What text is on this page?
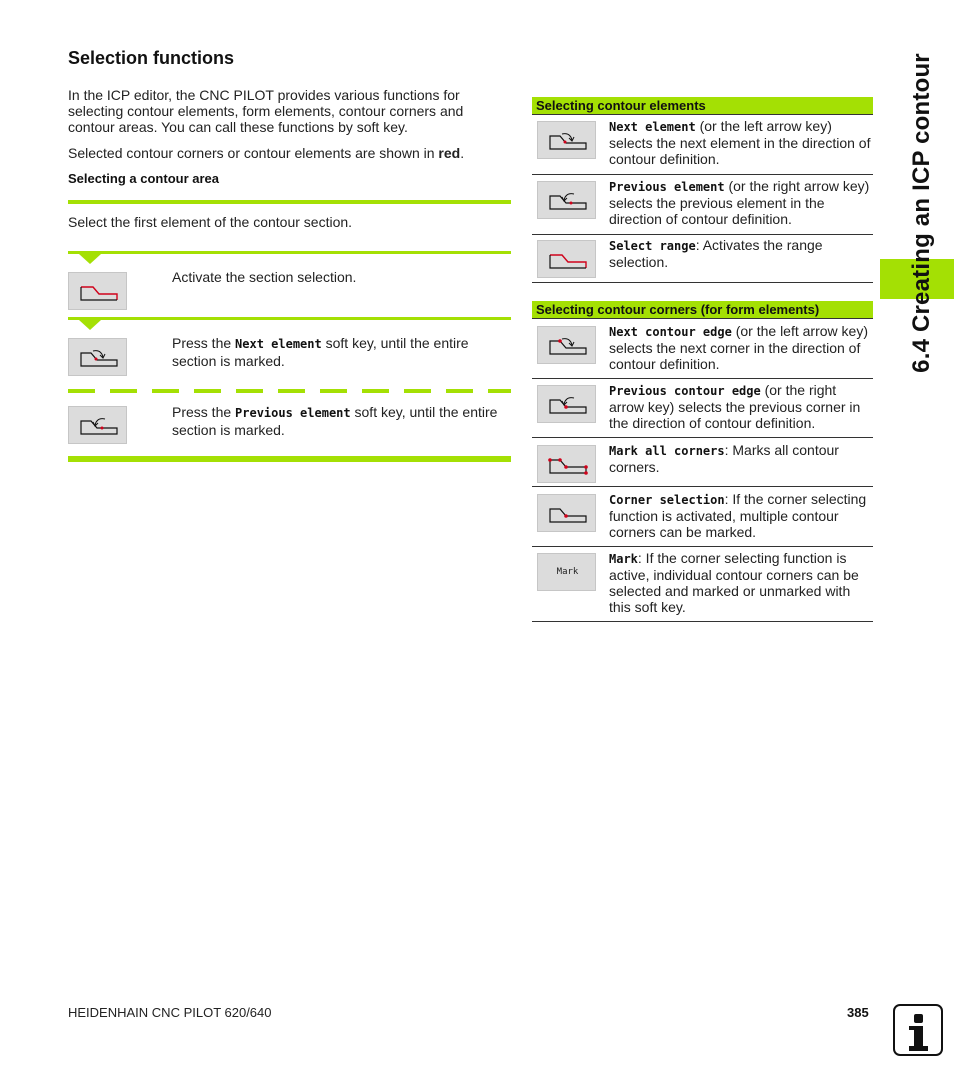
Selection functions

In the ICP editor, the CNC PILOT provides various functions for selecting contour elements, form elements, contour corners and contour areas. You can call these functions by soft key.

Selected contour corners or contour elements are shown in red.

Selecting a contour area

Select the first element of the contour section.

Activate the section selection.
Press the Next element soft key, until the entire section is marked.
Press the Previous element soft key, until the entire section is marked.
Selecting contour elements
Next element (or the left arrow key) selects the next element in the direction of contour definition.
Previous element (or the right arrow key) selects the previous element in the direction of contour definition.
Select range: Activates the range selection.
Selecting contour corners (for form elements)
Next contour edge (or the left arrow key) selects the next corner in the direction of contour definition.
Previous contour edge (or the right arrow key) selects the previous corner in the direction of contour definition.
Mark all corners: Marks all contour corners.
Corner selection: If the corner selecting function is activated, multiple contour corners can be marked.
Mark
Mark: If the corner selecting function is active, individual contour corners can be selected and marked or unmarked with this soft key.
6.4 Creating an ICP contour
HEIDENHAIN CNC PILOT 620/640	385
